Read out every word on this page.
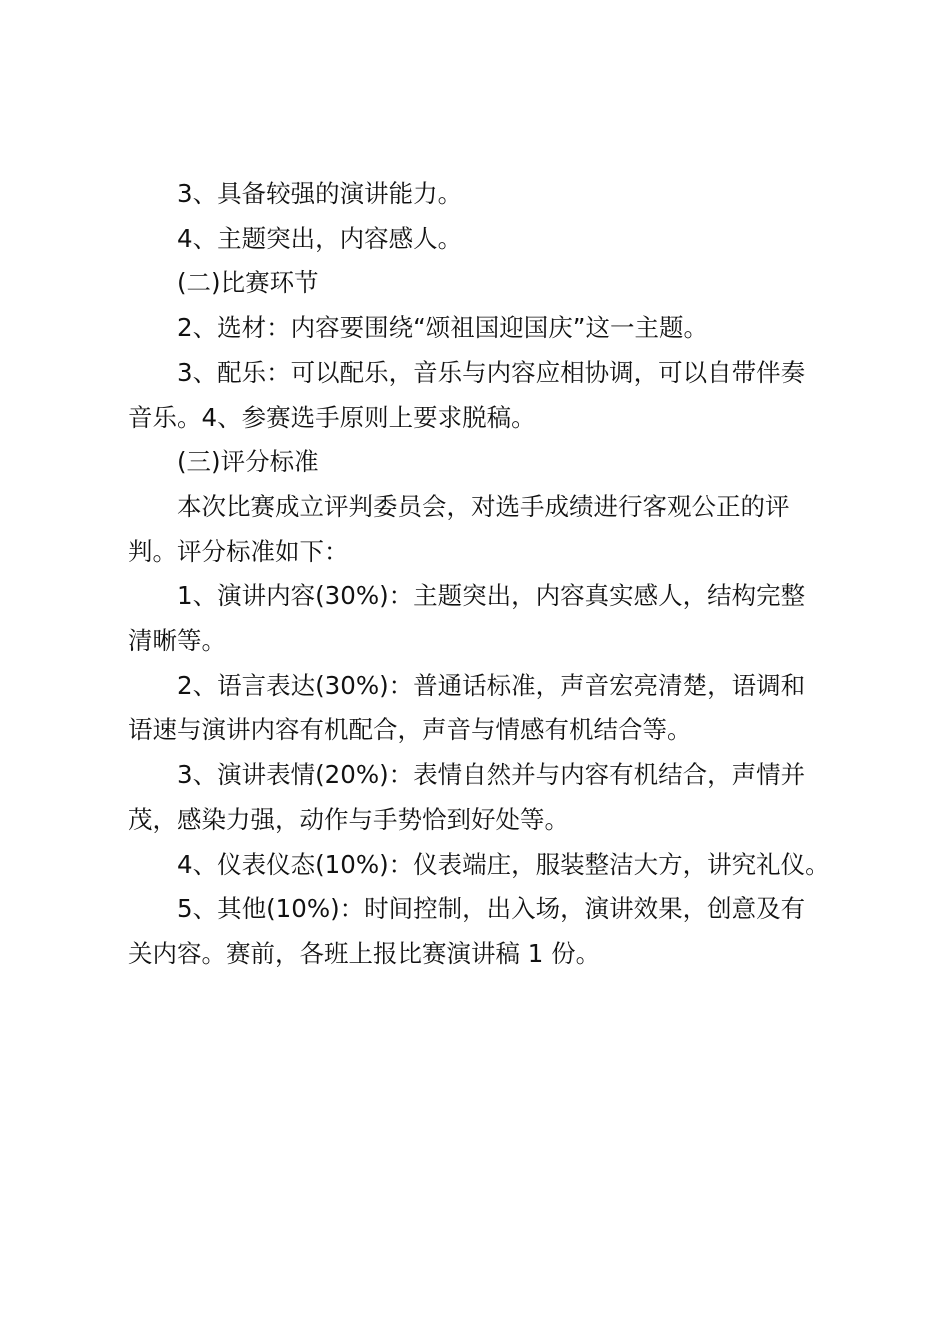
3、具备较强的演讲能力。
4、主题突出，内容感人。
(二)比赛环节
2、选材：内容要围绕“颂祖国迎国庆”这一主题。
3、配乐：可以配乐，音乐与内容应相协调，可以自带伴奏
音乐。4、参赛选手原则上要求脱稿。
(三)评分标准
本次比赛成立评判委员会，对选手成绩进行客观公正的评
判。评分标准如下：
1、演讲内容(30%)：主题突出，内容真实感人，结构完整
清晰等。
2、语言表达(30%)：普通话标准，声音宏亮清楚，语调和
语速与演讲内容有机配合，声音与情感有机结合等。
3、演讲表情(20%)：表情自然并与内容有机结合，声情并
茂，感染力强，动作与手势恰到好处等。
4、仪表仪态(10%)：仪表端庄，服装整洁大方，讲究礼仪。
5、其他(10%)：时间控制，出入场，演讲效果，创意及有
关内容。赛前，各班上报比赛演讲稿 1 份。
